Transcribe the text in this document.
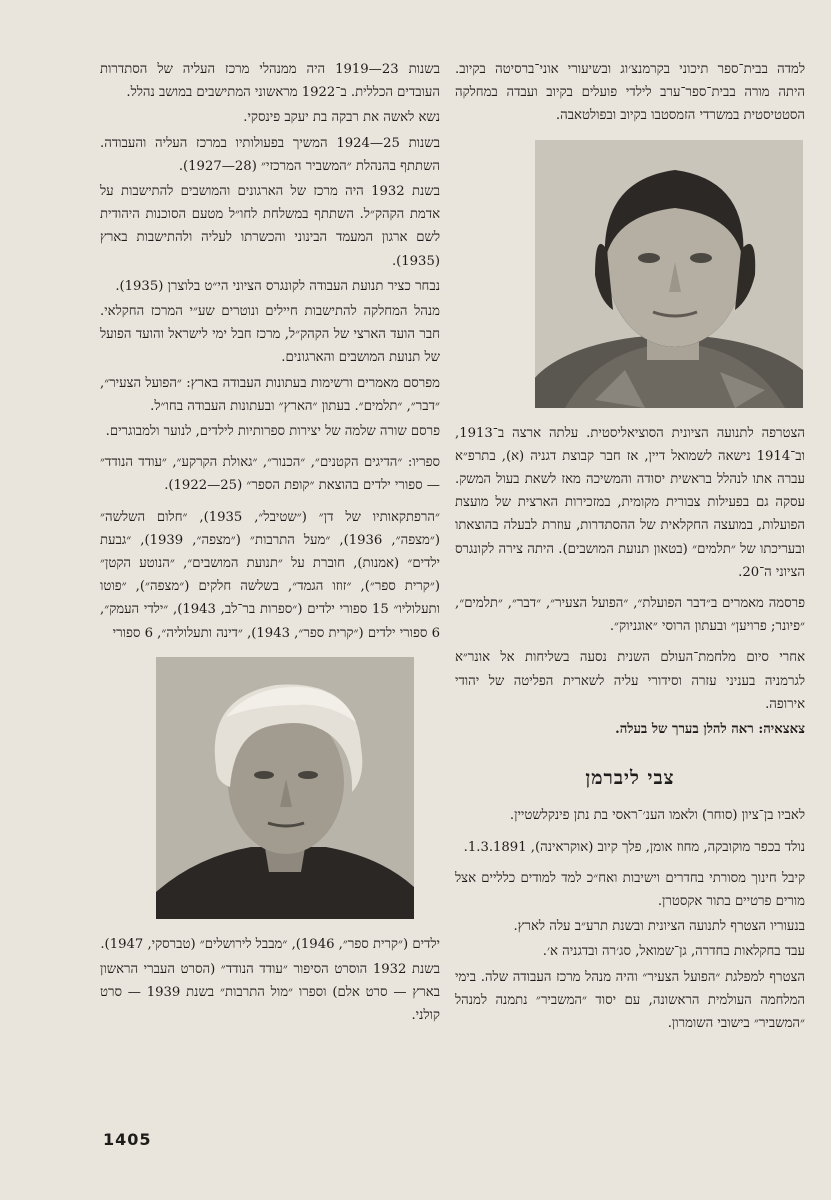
למדה בבית־ספר תיכוני בקרמנצ׳וג ובשיעורי אוני־ברסיטה בקיוב. היתה מורה בבית־ספר־ערב לילדי פועלים בקיוב ועבדה במחלקה הסטטיסטית במשרדי הזמסטבו בקיוב ובפולטאבה.

הצטרפה לתנועה הציונית הסוציאליסטית. עלתה ארצה ב־1913, וב־1914 נישאה לשמואל דיין, אז חבר קבוצת דגניה (א), בתרפ״א עברה אתו לנהלל בראשית יסודה והמשיכה מאז לשאת בעול המשק. עסקה גם בפעילות צבורית מקומית, במזכירות הארצית של מועצת הפועלות, במועצה החקלאית של ההסתדרות, עוזרת לבעלה בהוצאתו ובעריכתו של ״תלמים״ (בטאון תנועת המושבים). היתה צירה לקונגרס הציוני ה־20.

פרסמה מאמרים ב״דבר הפועלת״, ״הפועל הצעיר״, ״דבר״, ״תלמים״, ״פיונר; פרויען״ ובעתון הרוסי ״אוגניוק״.

אחרי סיום מלחמת־העולם השנית נסעה בשליחות אל אונר״א לגרמניה בעניני עזרה וסידורי עליה לשארית הפליטה של יהודי אירופה.

צאצאיה: ראה להלן בערך של בעלה.

צבי ליברמן

לאביו בן־ציון (סוחר) ולאמו הענ׳־ראסי בת נתן פינקלשטיין.

נולד בכפר מוקובקה, מחוז אומן, פלך קיוב (אוקראינה), 1.3.1891.

קיבל חינוך מסורתי בחדרים וישיבות ואח״כ למד למודים כלליים אצל מורים פרטיים בתור אקסטרן.

בנעוריו הצטרף לתנועה הציונית ובשנת תרע״ב עלה לארץ.

עבד בחקלאות בחדרה, גן־שמואל, סג׳רה ובדגניה א׳.

הצטרף למפלגת ״הפועל הצעיר״ והיה מנהל מרכז העבודה שלה. בימי המלחמה העולמית הראשונה, עם יסוד ״המשביר״ נתמנה למנהל ״המשביר״ בישובי השומרון.

בשנות 23—1919 היה ממנהלי מרכז העליה של הסתדרות העובדים הכללית. ב־1922 מראשוני המתישבים במושב נהלל.

נשא לאשה את רבקה בת יעקב פינסקי.

בשנות 25—1924 המשיך בפעולותיו במרכז העליה והעבודה. השתתף בהנהלת ״המשביר המרכזי״ (28—1927).

בשנת 1932 היה מרכז של הארגונים והמושבים להתישבות על אדמת הקהק״ל. השתתף במשלחת לחו״ל מטעם הסוכנות היהודית לשם ארגון המעמד הבינוני והכשרתו לעליה ולהתישבות בארץ (1935).

נבחר כציר תנועת העבודה לקונגרס הציוני הי״ט בלוצרן (1935).

מנהל המחלקה להתישבות חיילים ונוטרים שע״י המרכז החקלאי. חבר הועד הארצי של הקהק״ל, מרכז חבל ימי לישראל והועד הפועל של תנועת המושבים והארגונים.

מפרסם מאמרים ורשימות בעתונות העבודה בארץ: ״הפועל הצעיר״, ״דבר״, ״תלמים״. בעתון ״הארץ״ ובעתונות העבודה בחו״ל.

פרסם שורה שלמה של יצירות ספרותיות לילדים, לנוער ולמבוגרים.

ספריו: ״הדיגים הקטנים״, ״הכנור״, ״גאולת הקרקע״, ״עודד הנודד״ — ספורי ילדים בהוצאת ״קופת הספר״ (25—1922).

״הרפתקאותיו של דן״ (״שטיבל״, 1935), ״חלום השלשה״ (״מצפה״, 1936), ״מעל התרבות״ (״מצפה״, 1939), ״גבעת ילדים״ (אמנות), חוברת על ״תנועת המושבים״, ״הנוטע הקטן״ (״קרית ספר״), ״זוזו הגמד״, בשלשה חלקים (״מצפה״), ״פוטו ותעלוליו״ 15 ספורי ילדים (״ספרות בר־לב, 1943), ״ילדי העמק״, 6 ספורי ילדים (״קרית ספר״, 1943), ״דינה ותעלוליה״, 6 ספורי

ילדים (״קרית ספר״, 1946), ״מבבל לירושלים״ (טברסקי, 1947).

בשנת 1932 הוסרט הסיפור ״עודד הנודד״ (הסרט העברי הראשון בארץ — סרט אלם) וספרו ״מול התרבות״ בשנת 1939 — סרט קולני.

1405
